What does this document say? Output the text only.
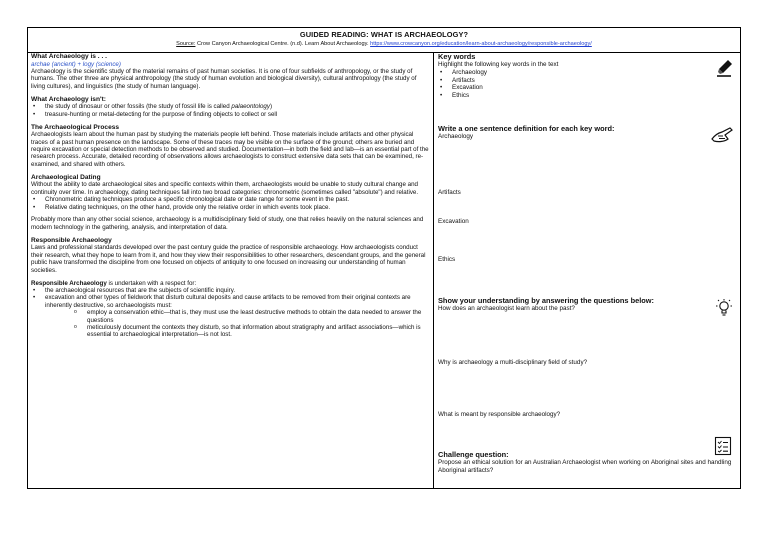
GUIDED READING: WHAT IS ARCHAEOLOGY?
Source: Crow Canyon Archaeological Centre. (n.d). Learn About Archaeology. https://www.crowcanyon.org/education/learn-about-archaeology/responsible-archaeology/
What Archaeology is . . .

archae (ancient) + logy (science)

Archaeology is the scientific study of the material remains of past human societies. It is one of four subfields of anthropology, or the study of humans. The other three are physical anthropology (the study of human evolution and biological diversity), cultural anthropology (the study of living cultures), and linguistics (the study of human language).

What Archaeology isn't:
• the study of dinosaur or other fossils (the study of fossil life is called palaeontology)
• treasure-hunting or metal-detecting for the purpose of finding objects to collect or sell
The Archaeological Process

Archaeologists learn about the human past by studying the materials people left behind. Those materials include artifacts and other physical traces of a past human presence on the landscape. Some of these traces may be visible on the surface of the ground; others are buried and require excavation or special detection methods to be observed and studied. Documentation—in both the field and lab—is an essential part of the research process. Accurate, detailed recording of observations allows archaeologists to construct extensive data sets that can be examined, re-examined, and shared with others.

Archaeological Dating

Without the ability to date archaeological sites and specific contexts within them, archaeologists would be unable to study cultural change and continuity over time. In archaeology, dating techniques fall into two broad categories: chronometric (sometimes called "absolute") and relative.

• Chronometric dating techniques produce a specific chronological date or date range for some event in the past.
• Relative dating techniques, on the other hand, provide only the relative order in which events took place.

Probably more than any other social science, archaeology is a multidisciplinary field of study, one that relies heavily on the natural sciences and modern technology in the gathering, analysis, and interpretation of data.

Responsible Archaeology

Laws and professional standards developed over the past century guide the practice of responsible archaeology. How archaeologists conduct their research, what they hope to learn from it, and how they view their responsibilities to other researchers, descendant groups, and the general public have transformed the discipline from one focused on objects of antiquity to one focused on increasing our understanding of human societies.

Responsible Archaeology is undertaken with a respect for:

• the archaeological resources that are the subjects of scientific inquiry.
• excavation and other types of fieldwork that disturb cultural deposits and cause artifacts to be removed from their original contexts are inherently destructive, so archaeologists must:
o employ a conservation ethic—that is, they must use the least destructive methods to obtain the data needed to answer the questions
o meticulously document the contexts they disturb, so that information about stratigraphy and artifact associations—which is essential to archaeological interpretation—is not lost.
Key words

Highlight the following key words in the text

• Archaeology
• Artifacts
• Excavation
• Ethics
Write a one sentence definition for each key word:

Archaeology

Artifacts

Excavation

Ethics

Show your understanding by answering the questions below:

How does an archaeologist learn about the past?

Why is archaeology a multi-disciplinary field of study?

What is meant by responsible archaeology?

Challenge question:

Propose an ethical solution for an Australian Archaeologist when working on Aboriginal sites and handling Aboriginal artifacts?
